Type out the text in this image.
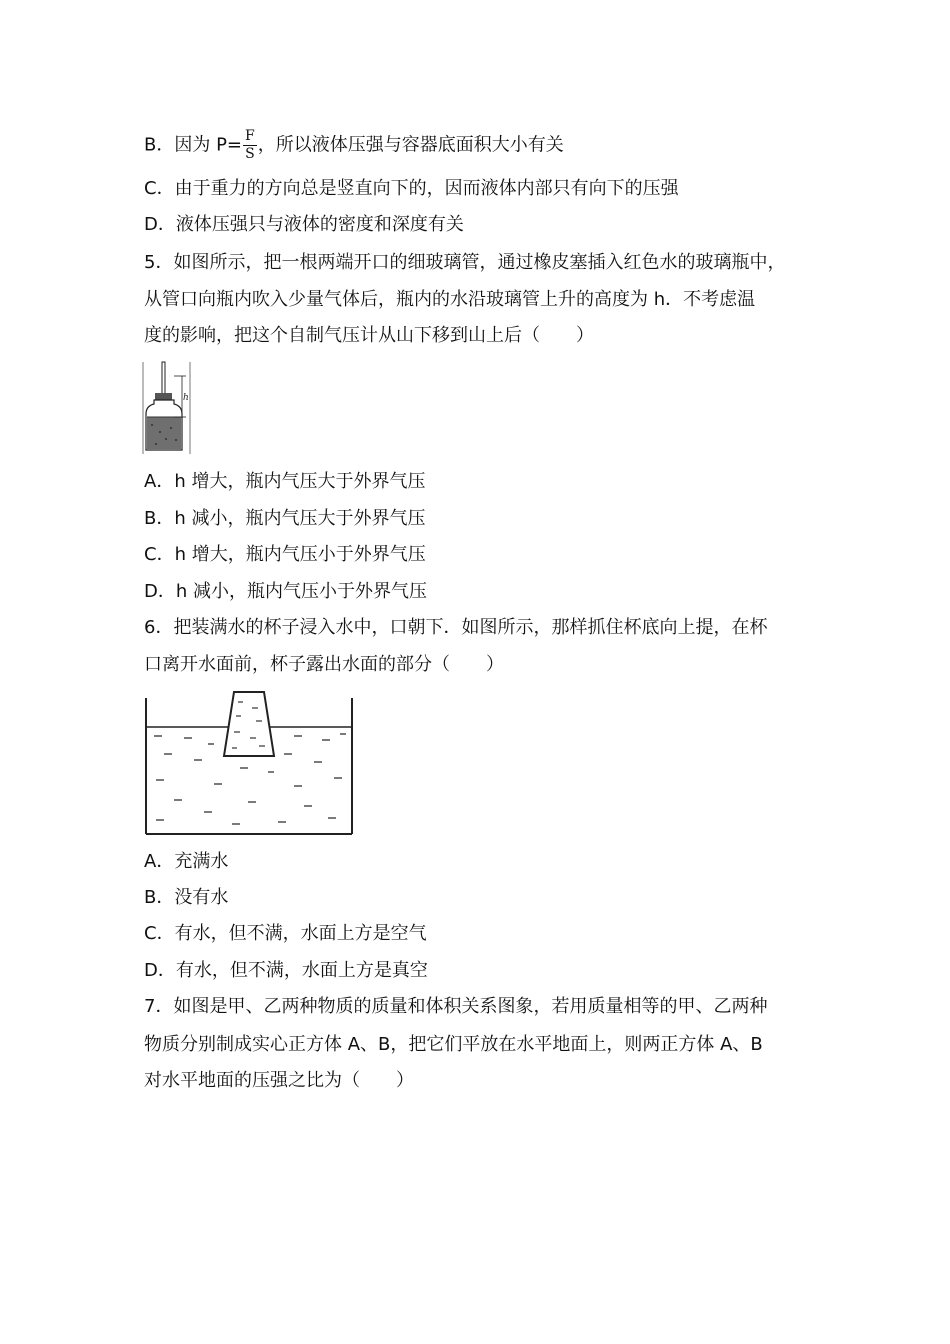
B．因为 $P= \frac{F}{S}$ ，所以液体压强与容器底面积大小有关
C．由于重力的方向总是竖直向下的，因而液体内部只有向下的压强
D．液体压强只与液体的密度和深度有关
5．如图所示，把一根两端开口的细玻璃管，通过橡皮塞插入红色水的玻璃瓶中，
从管口向瓶内吹入少量气体后，瓶内的水沿玻璃管上升的高度为 h．不考虑温
度的影响，把这个自制气压计从山下移到山上后（　　）
h
A．h 增大，瓶内气压大于外界气压
B．h 减小，瓶内气压大于外界气压
C．h 增大，瓶内气压小于外界气压
D．h 减小，瓶内气压小于外界气压
6．把装满水的杯子浸入水中，口朝下．如图所示，那样抓住杯底向上提，在杯
口离开水面前，杯子露出水面的部分（　　）
A．充满水
B．没有水
C．有水，但不满，水面上方是空气
D．有水，但不满，水面上方是真空
7．如图是甲、乙两种物质的质量和体积关系图象，若用质量相等的甲、乙两种
物质分别制成实心正方体 A、B，把它们平放在水平地面上，则两正方体 A、B
对水平地面的压强之比为（　　）
